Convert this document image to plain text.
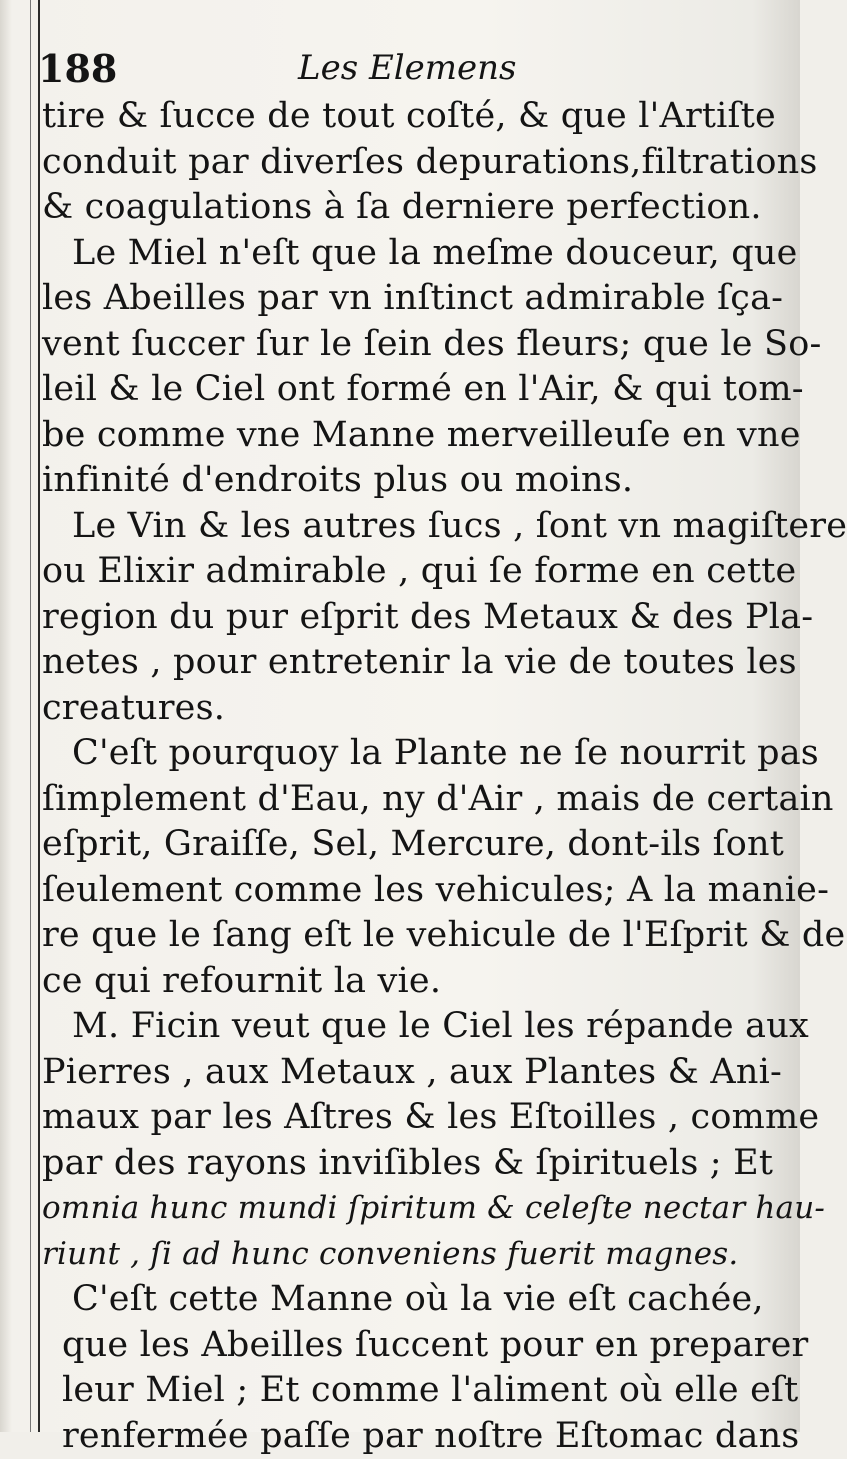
188	Les Elemens
tire & ſucce de tout coſté, & que l'Artiſte
conduit par diverſes depurations,filtrations
& coagulations à ſa derniere perfection.
Le Miel n'eſt que la meſme douceur, que
les Abeilles par vn inſtinct admirable ſça-
vent ſuccer ſur le ſein des fleurs; que le So-
leil & le Ciel ont formé en l'Air, & qui tom-
be comme vne Manne merveilleuſe en vne
infinité d'endroits plus ou moins.
Le Vin & les autres ſucs , ſont vn magiſtere
ou Elixir admirable , qui ſe forme en cette
region du pur eſprit des Metaux & des Pla-
netes , pour entretenir la vie de toutes les
creatures.
C'eſt pourquoy la Plante ne ſe nourrit pas
ſimplement d'Eau, ny d'Air , mais de certain
eſprit, Graiſſe, Sel, Mercure, dont-ils ſont
ſeulement comme les vehicules; A la manie-
re que le ſang eſt le vehicule de l'Eſprit & de
ce qui refournit la vie.
M. Ficin veut que le Ciel les répande aux
Pierres , aux Metaux , aux Plantes & Ani-
maux par les Aſtres & les Eſtoilles , comme
par des rayons inviſibles & ſpirituels ; Et
omnia hunc mundi ſpiritum & celeſte nectar hau-
riunt , ſi ad hunc conveniens fuerit magnes.
C'eſt cette Manne où la vie eſt cachée,
que les Abeilles ſuccent pour en preparer
leur Miel ; Et comme l'aliment où elle eſt
renfermée paſſe par noſtre Eſtomac dans
